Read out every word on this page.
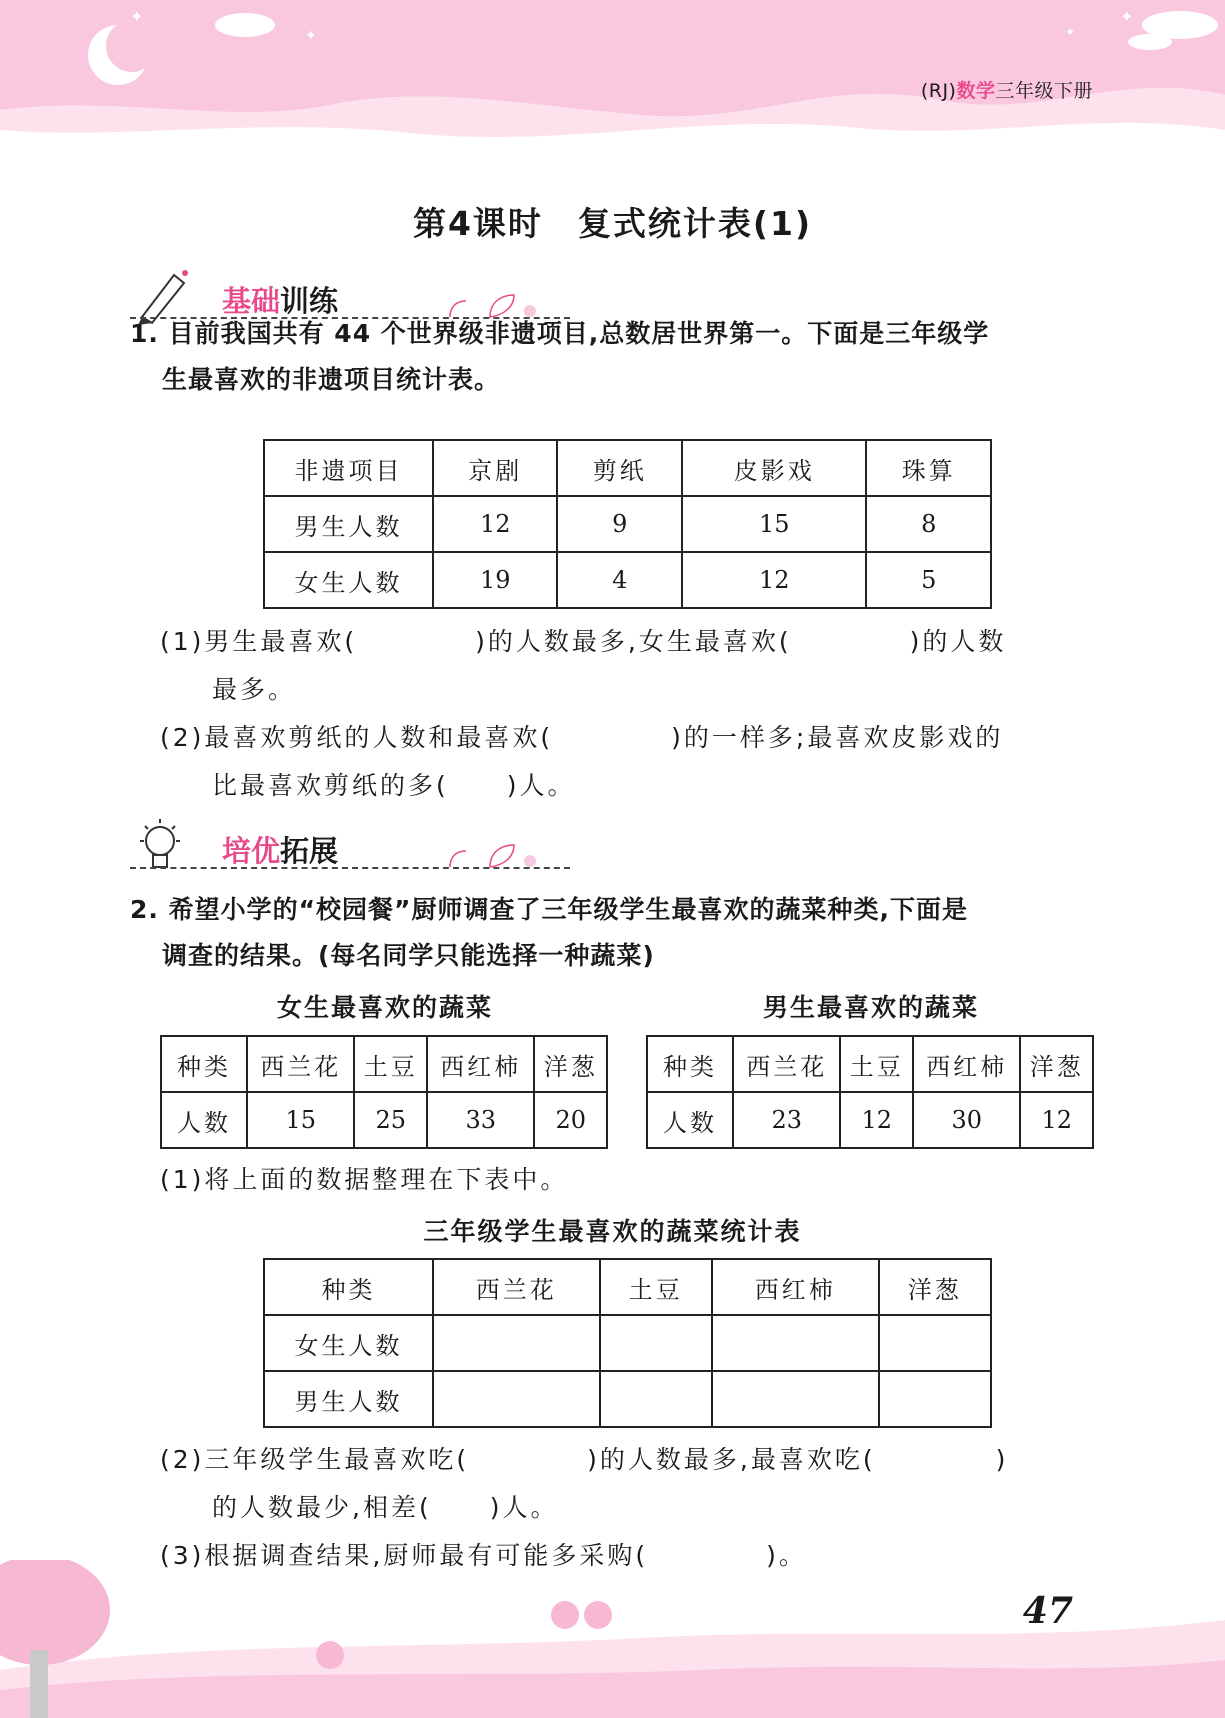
✦
✦
✦
✦
(RJ)数学三年级下册
第4课时　复式统计表(1)
基础训练
1. 目前我国共有 44 个世界级非遗项目,总数居世界第一。下面是三年级学
生最喜欢的非遗项目统计表。
非遗项目	京剧	剪纸	皮影戏	珠算
男生人数	12	9	15	8
女生人数	19	4	12	5
(1)男生最喜欢(	)的人数最多,女生最喜欢(	)的人数
最多。
(2)最喜欢剪纸的人数和最喜欢(	)的一样多;最喜欢皮影戏的
比最喜欢剪纸的多( )人。
培优拓展
2. 希望小学的“校园餐”厨师调查了三年级学生最喜欢的蔬菜种类,下面是
调查的结果。(每名同学只能选择一种蔬菜)
女生最喜欢的蔬菜	男生最喜欢的蔬菜
种类	西兰花	土豆	西红柿	洋葱
人数	15	25	33	20
种类	西兰花	土豆	西红柿	洋葱
人数	23	12	30	12
(1)将上面的数据整理在下表中。
三年级学生最喜欢的蔬菜统计表
种类	西兰花	土豆	西红柿	洋葱
女生人数				
男生人数				
(2)三年级学生最喜欢吃(	)的人数最多,最喜欢吃(	)
的人数最少,相差( )人。
(3)根据调查结果,厨师最有可能多采购(	)。
47
